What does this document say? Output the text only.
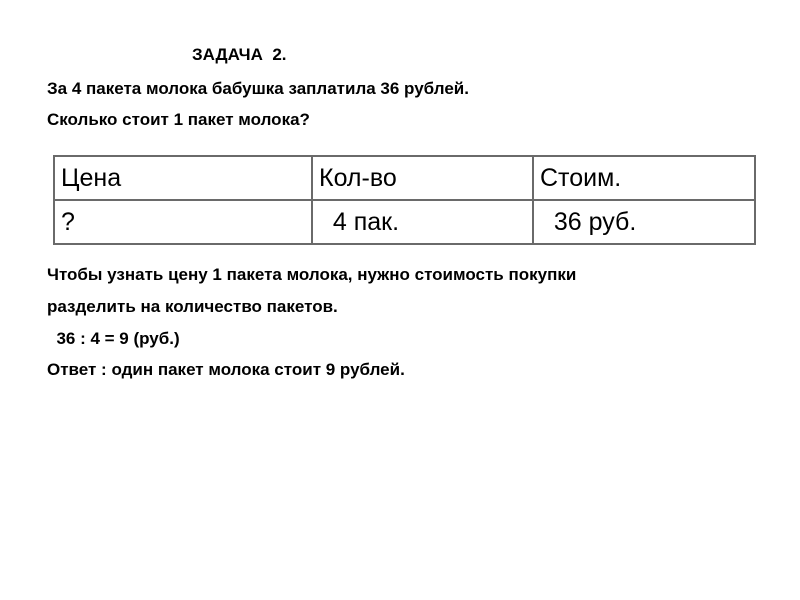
ЗАДАЧА  2.
За 4 пакета молока бабушка заплатила 36 рублей.
Сколько стоит 1 пакет молока?
Цена	Кол-во	Стоим.
?	4 пак.	36 руб.
Чтобы узнать цену 1 пакета молока, нужно стоимость покупки
разделить на количество пакетов.
36 : 4 = 9 (руб.)
Ответ : один пакет молока стоит 9 рублей.
